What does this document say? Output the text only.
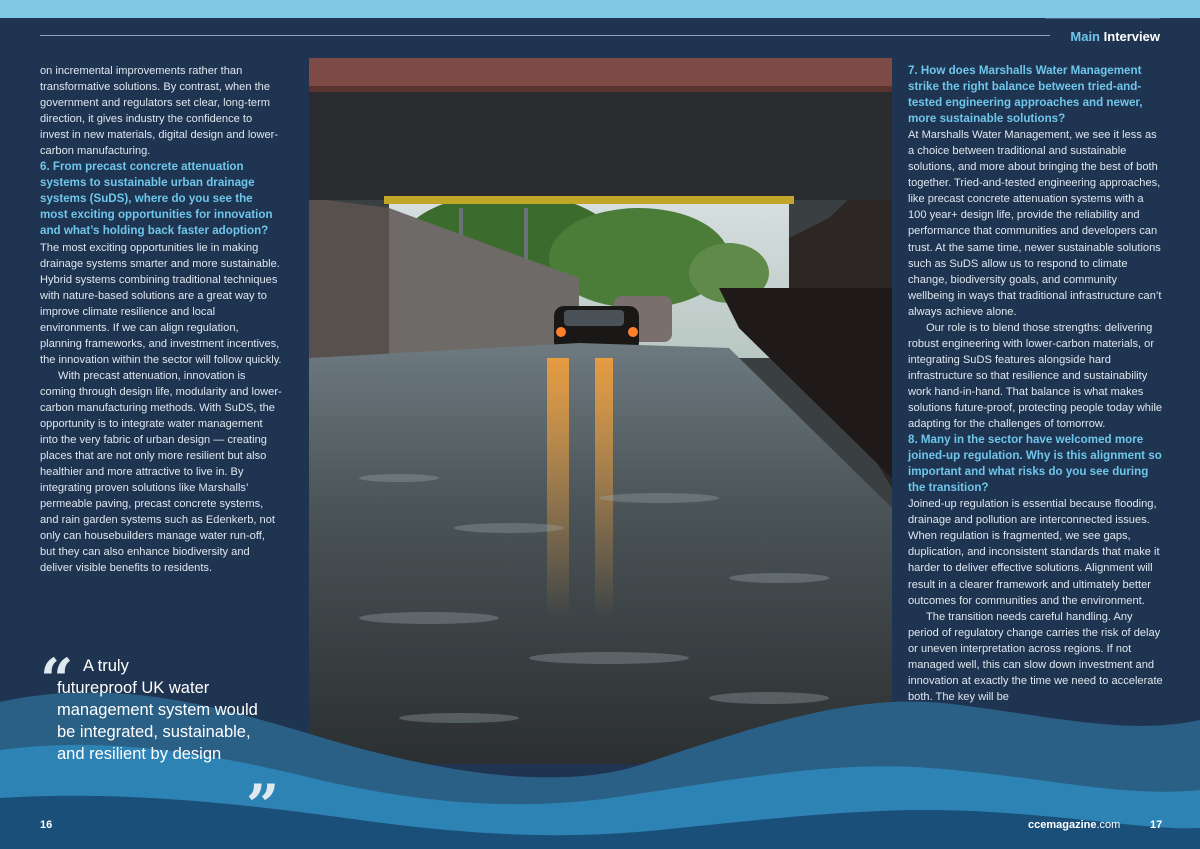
Main Interview

on incremental improvements rather than transformative solutions. By contrast, when the government and regulators set clear, long-term direction, it gives industry the confidence to invest in new materials, digital design and lower-carbon manufacturing.

6. From precast concrete attenuation systems to sustainable urban drainage systems (SuDS), where do you see the most exciting opportunities for innovation and what’s holding back faster adoption?

The most exciting opportunities lie in making drainage systems smarter and more sustainable. Hybrid systems combining traditional techniques with nature-based solutions are a great way to improve climate resilience and local environments. If we can align regulation, planning frameworks, and investment incentives, the innovation within the sector will follow quickly.

With precast attenuation, innovation is coming through design life, modularity and lower-carbon manufacturing methods. With SuDS, the opportunity is to integrate water management into the very fabric of urban design — creating places that are not only more resilient but also healthier and more attractive to live in. By integrating proven solutions like Marshalls’ permeable paving, precast concrete systems, and rain garden systems such as Edenkerb, not only can housebuilders manage water run-off, but they can also enhance biodiversity and deliver visible benefits to residents.

“ A truly
futureproof UK water management system would be integrated, sustainable, and resilient by design
”

7. How does Marshalls Water Management strike the right balance between tried-and-tested engineering approaches and newer, more sustainable solutions?

At Marshalls Water Management, we see it less as a choice between traditional and sustainable solutions, and more about bringing the best of both together. Tried-and-tested engineering approaches, like precast concrete attenuation systems with a 100 year+ design life, provide the reliability and performance that communities and developers can trust. At the same time, newer sustainable solutions such as SuDS allow us to respond to climate change, biodiversity goals, and community wellbeing in ways that traditional infrastructure can’t always achieve alone.

Our role is to blend those strengths: delivering robust engineering with lower-carbon materials, or integrating SuDS features alongside hard infrastructure so that resilience and sustainability work hand-in-hand. That balance is what makes solutions future-proof, protecting people today while adapting for the challenges of tomorrow.

8. Many in the sector have welcomed more joined-up regulation. Why is this alignment so important and what risks do you see during the transition?

Joined-up regulation is essential because flooding, drainage and pollution are interconnected issues. When regulation is fragmented, we see gaps, duplication, and inconsistent standards that make it harder to deliver effective solutions. Alignment will result in a clearer framework and ultimately better outcomes for communities and the environment.

The transition needs careful handling. Any period of regulatory change carries the risk of delay or uneven interpretation across regions. If not managed well, this can slow down investment and innovation at exactly the time we need to accelerate both. The key will be

16	ccemagazine.com	17
